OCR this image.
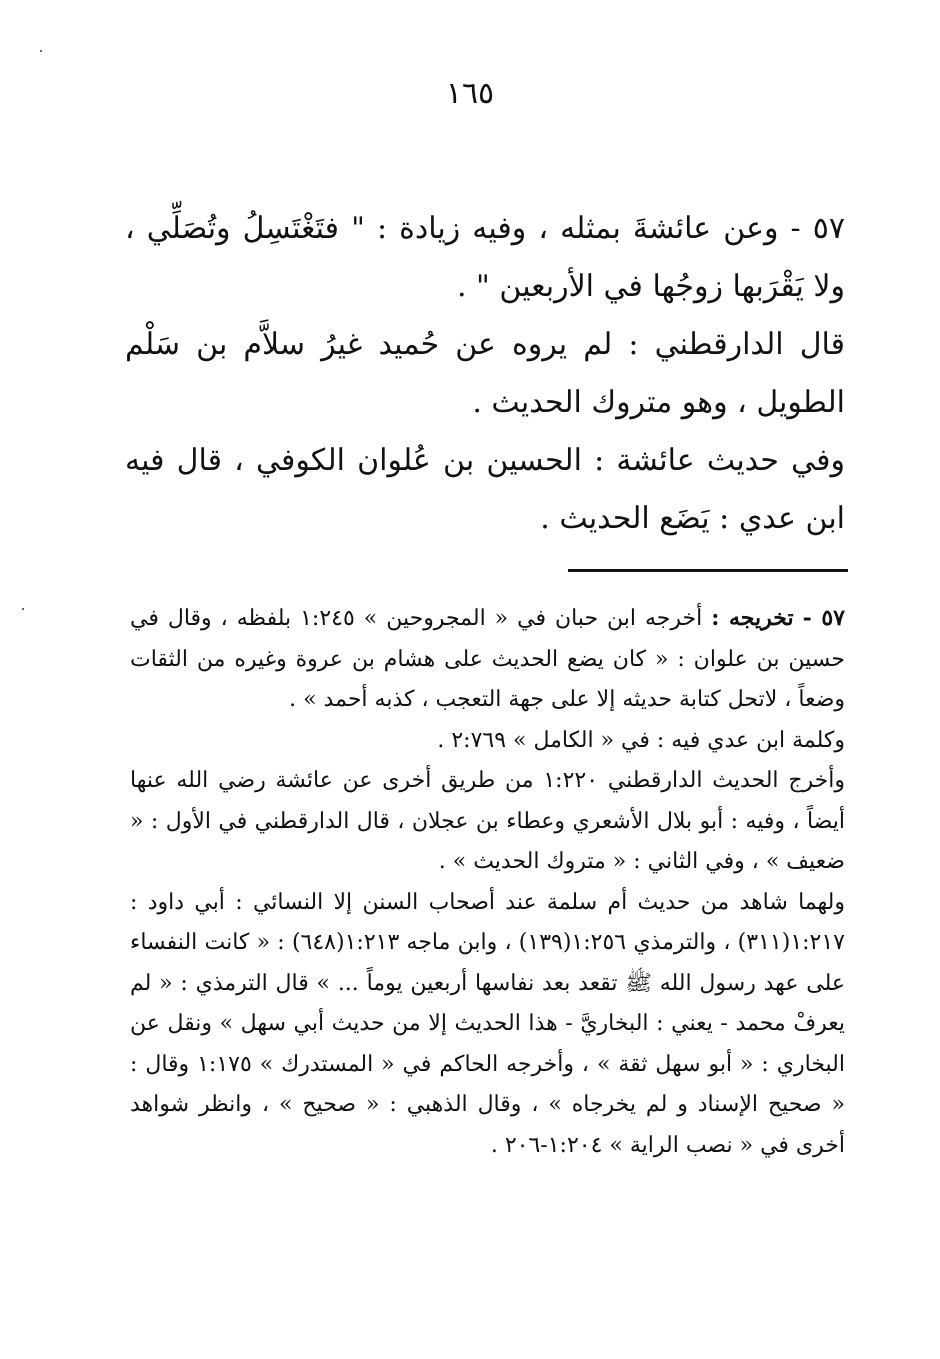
١٦٥

٥٧ - وعن عائشةَ بمثله ، وفيه زيادة : " فتَغْتَسِلُ وتُصَلِّي ، ولا يَقْرَبها زوجُها في الأربعين " .

قال الدارقطني : لم يروه عن حُميد غيرُ سلاَّم بن سَلْم الطويل ، وهو متروك الحديث .

وفي حديث عائشة : الحسين بن عُلوان الكوفي ، قال فيه ابن عدي : يَضَع الحديث .

٥٧ - تخريجه : أخرجه ابن حبان في « المجروحين » ١:٢٤٥ بلفظه ، وقال في حسين بن علوان : « كان يضع الحديث على هشام بن عروة وغيره من الثقات وضعاً ، لاتحل كتابة حديثه إلا على جهة التعجب ، كذبه أحمد » .

وكلمة ابن عدي فيه : في « الكامل » ٢:٧٦٩ .

وأخرج الحديث الدارقطني ١:٢٢٠ من طريق أخرى عن عائشة رضي الله عنها أيضاً ، وفيه : أبو بلال الأشعري وعطاء بن عجلان ، قال الدارقطني في الأول : « ضعيف » ، وفي الثاني : « متروك الحديث » .

ولهما شاهد من حديث أم سلمة عند أصحاب السنن إلا النسائي : أبي داود : ١:٢١٧(٣١١) ، والترمذي ١:٢٥٦(١٣٩) ، وابن ماجه ١:٢١٣(٦٤٨) : « كانت النفساء على عهد رسول الله ﷺ تقعد بعد نفاسها أربعين يوماً ... » قال الترمذي : « لم يعرفْ محمد - يعني : البخاريَّ - هذا الحديث إلا من حديث أبي سهل » ونقل عن البخاري : « أبو سهل ثقة » ، وأخرجه الحاكم في « المستدرك » ١:١٧٥ وقال : « صحيح الإسناد و لم يخرجاه » ، وقال الذهبي : « صحيح » ، وانظر شواهد أخرى في « نصب الراية » ١:٢٠٤-٢٠٦ .
